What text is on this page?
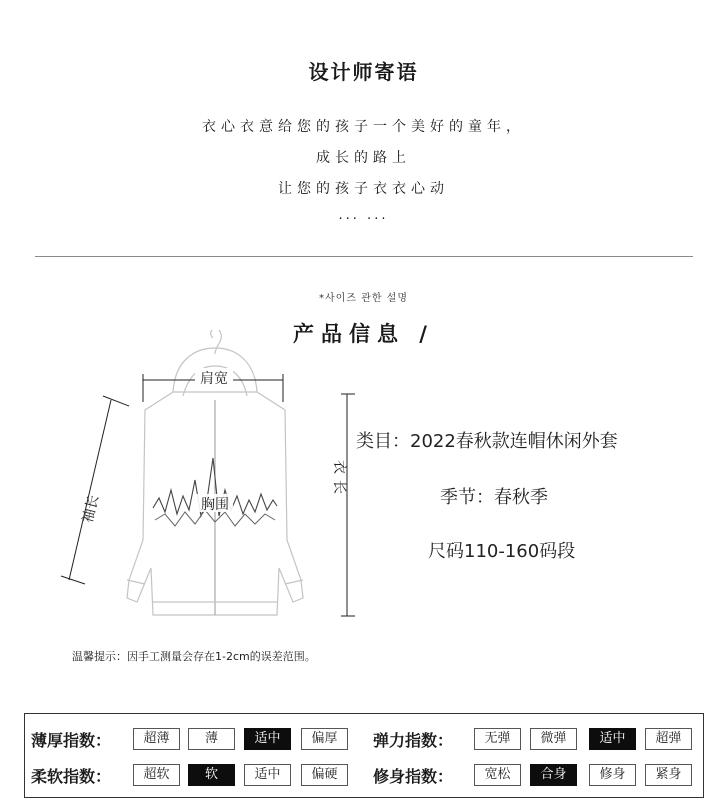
设计师寄语
衣心衣意给您的孩子一个美好的童年，
成长的路上
让您的孩子衣衣心动
... ...
*사이즈 관한 설명
产品信息 /
肩宽
袖长	胸围
衣长
类目：2022春秋款连帽休闲外套
季节：春秋季
尺码110-160码段
温馨提示：因手工测量会存在1-2cm的误差范围。
薄厚指数：	超薄	薄	适中	偏厚	弹力指数：	无弹	微弹	适中	超弹
柔软指数：	超软	软	适中	偏硬	修身指数：	宽松	合身	修身	紧身
